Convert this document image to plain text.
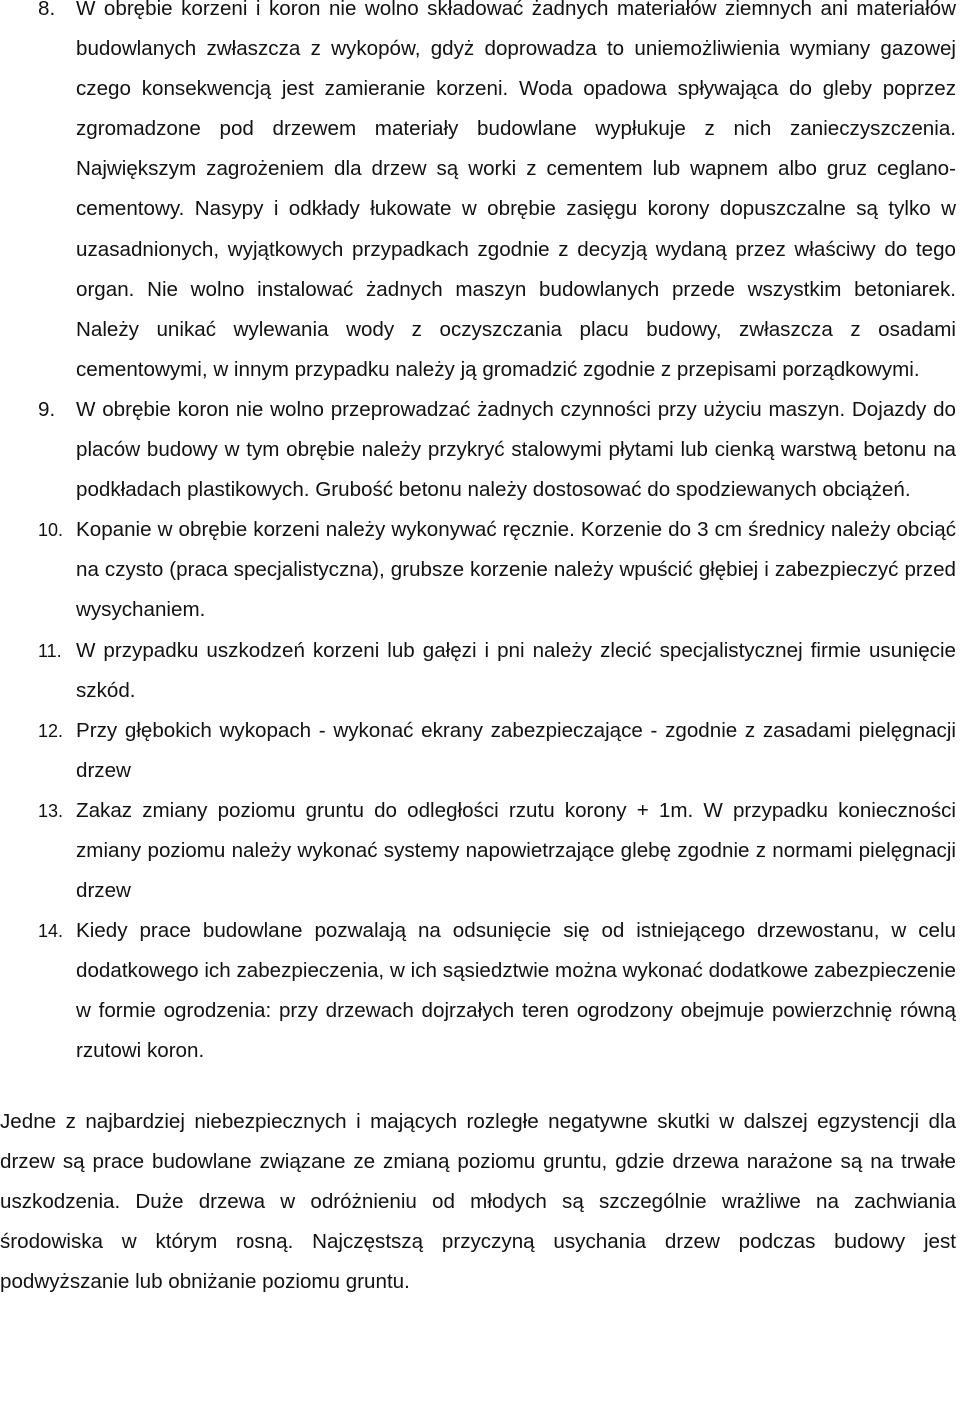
8.	W obrębie korzeni i koron nie wolno składować żadnych materiałów ziemnych ani materiałów budowlanych zwłaszcza z wykopów, gdyż doprowadza to uniemożliwienia wymiany gazowej czego konsekwencją jest zamieranie korzeni. Woda opadowa spływająca do gleby poprzez zgromadzone pod drzewem materiały budowlane wypłukuje z nich zanieczyszczenia. Największym zagrożeniem dla drzew są worki z cementem lub wapnem albo gruz ceglano-cementowy. Nasypy i odkłady łukowate w obrębie zasięgu korony dopuszczalne są tylko w uzasadnionych, wyjątkowych przypadkach zgodnie z decyzją wydaną przez właściwy do tego organ. Nie wolno instalować żadnych maszyn budowlanych przede wszystkim betoniarek. Należy unikać wylewania wody z oczyszczania placu budowy, zwłaszcza z osadami cementowymi, w innym przypadku należy ją gromadzić zgodnie z przepisami porządkowymi.
9.	W obrębie koron nie wolno przeprowadzać żadnych czynności przy użyciu maszyn. Dojazdy do placów budowy w tym obrębie należy przykryć stalowymi płytami lub cienką warstwą betonu na podkładach plastikowych. Grubość betonu należy dostosować do spodziewanych obciążeń.
10. Kopanie w obrębie korzeni należy wykonywać ręcznie. Korzenie do 3 cm średnicy należy obciąć na czysto (praca specjalistyczna), grubsze korzenie należy wpuścić głębiej i zabezpieczyć przed wysychaniem.
11. W przypadku uszkodzeń korzeni lub gałęzi i pni należy zlecić specjalistycznej firmie usunięcie szkód.
12. Przy głębokich wykopach - wykonać ekrany zabezpieczające - zgodnie z zasadami pielęgnacji drzew
13. Zakaz zmiany poziomu gruntu do odległości rzutu korony + 1m. W przypadku konieczności zmiany poziomu należy wykonać systemy napowietrzające glebę zgodnie z normami pielęgnacji drzew
14. Kiedy prace budowlane pozwalają na odsunięcie się od istniejącego drzewostanu, w celu dodatkowego ich zabezpieczenia, w ich sąsiedztwie można wykonać dodatkowe zabezpieczenie w formie ogrodzenia: przy drzewach dojrzałych teren ogrodzony obejmuje powierzchnię równą rzutowi koron.

Jedne z najbardziej niebezpiecznych i mających rozległe negatywne skutki w dalszej egzystencji dla drzew są prace budowlane związane ze zmianą poziomu gruntu, gdzie drzewa narażone są na trwałe uszkodzenia. Duże drzewa w odróżnieniu od młodych są szczególnie wrażliwe na zachwiania środowiska w którym rosną. Najczęstszą przyczyną usychania drzew podczas budowy jest podwyższanie lub obniżanie poziomu gruntu.
